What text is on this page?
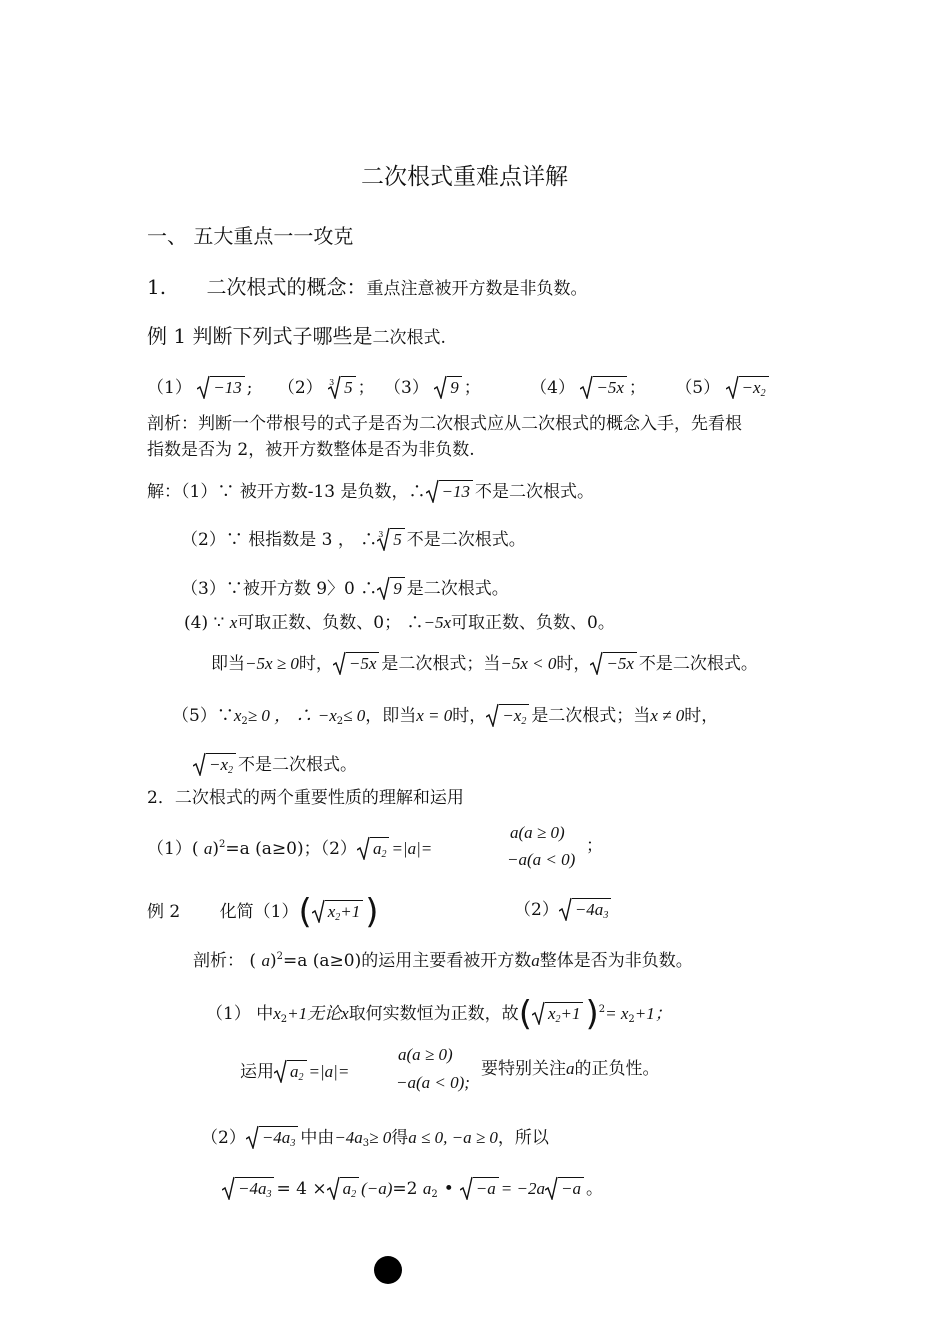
二次根式重难点详解
一、 五大重点一一攻克
1. 二次根式的概念：重点注意被开方数是非负数。
例 1 判断下列式子哪些是二次根式.
（1） −13 ; （2） 3 5 ； （3） 9 ；	（4） −5x ； （5） −x2
剖析：判断一个带根号的式子是否为二次根式应从二次根式的概念入手，先看根
指数是否为 2，被开方数整体是否为非负数.
解：（1）∵ 被开方数-13 是负数，∴ −13 不是二次根式。
（2）∵ 根指数是 3 ， ∴ 3 5 不是二次根式。
（3）∵被开方数 9〉0 ∴ 9 是二次根式。
(4) ∵ x可取正数、负数、0； ∴−5x可取正数、负数、0。
即当−5x ≥ 0时， −5x 是二次根式；当−5x < 0时， −5x 不是二次根式。
（5）∵x2≥ 0 ， ∴ −x2≤ 0，即当x = 0时， −x2 是二次根式；当x ≠ 0时，
−x2 不是二次根式。
2．二次根式的两个重要性质的理解和运用
（1）( a)$^2$=a (a≥0)；（2） a2 =|a|=
a(a ≥ 0)
−a(a < 0)
；
例 2 化简（1）( x2+1 )	（2） −4a3
剖析： ( a)$^2$=a (a≥0)的运用主要看被开方数a整体是否为非负数。
（1） 中x2+1无论x取何实数恒为正数，故( x2+1 )$^2$= x2+1；
运用 a2 =|a|=
a(a ≥ 0)
−a(a < 0);
要特别关注a的正负性。
（2） −4a3 中由−4a3≥ 0得a ≤ 0, −a ≥ 0，所以
−4a3 = 4 × a2 (−a)=2 a2 • −a = −2a −a 。
